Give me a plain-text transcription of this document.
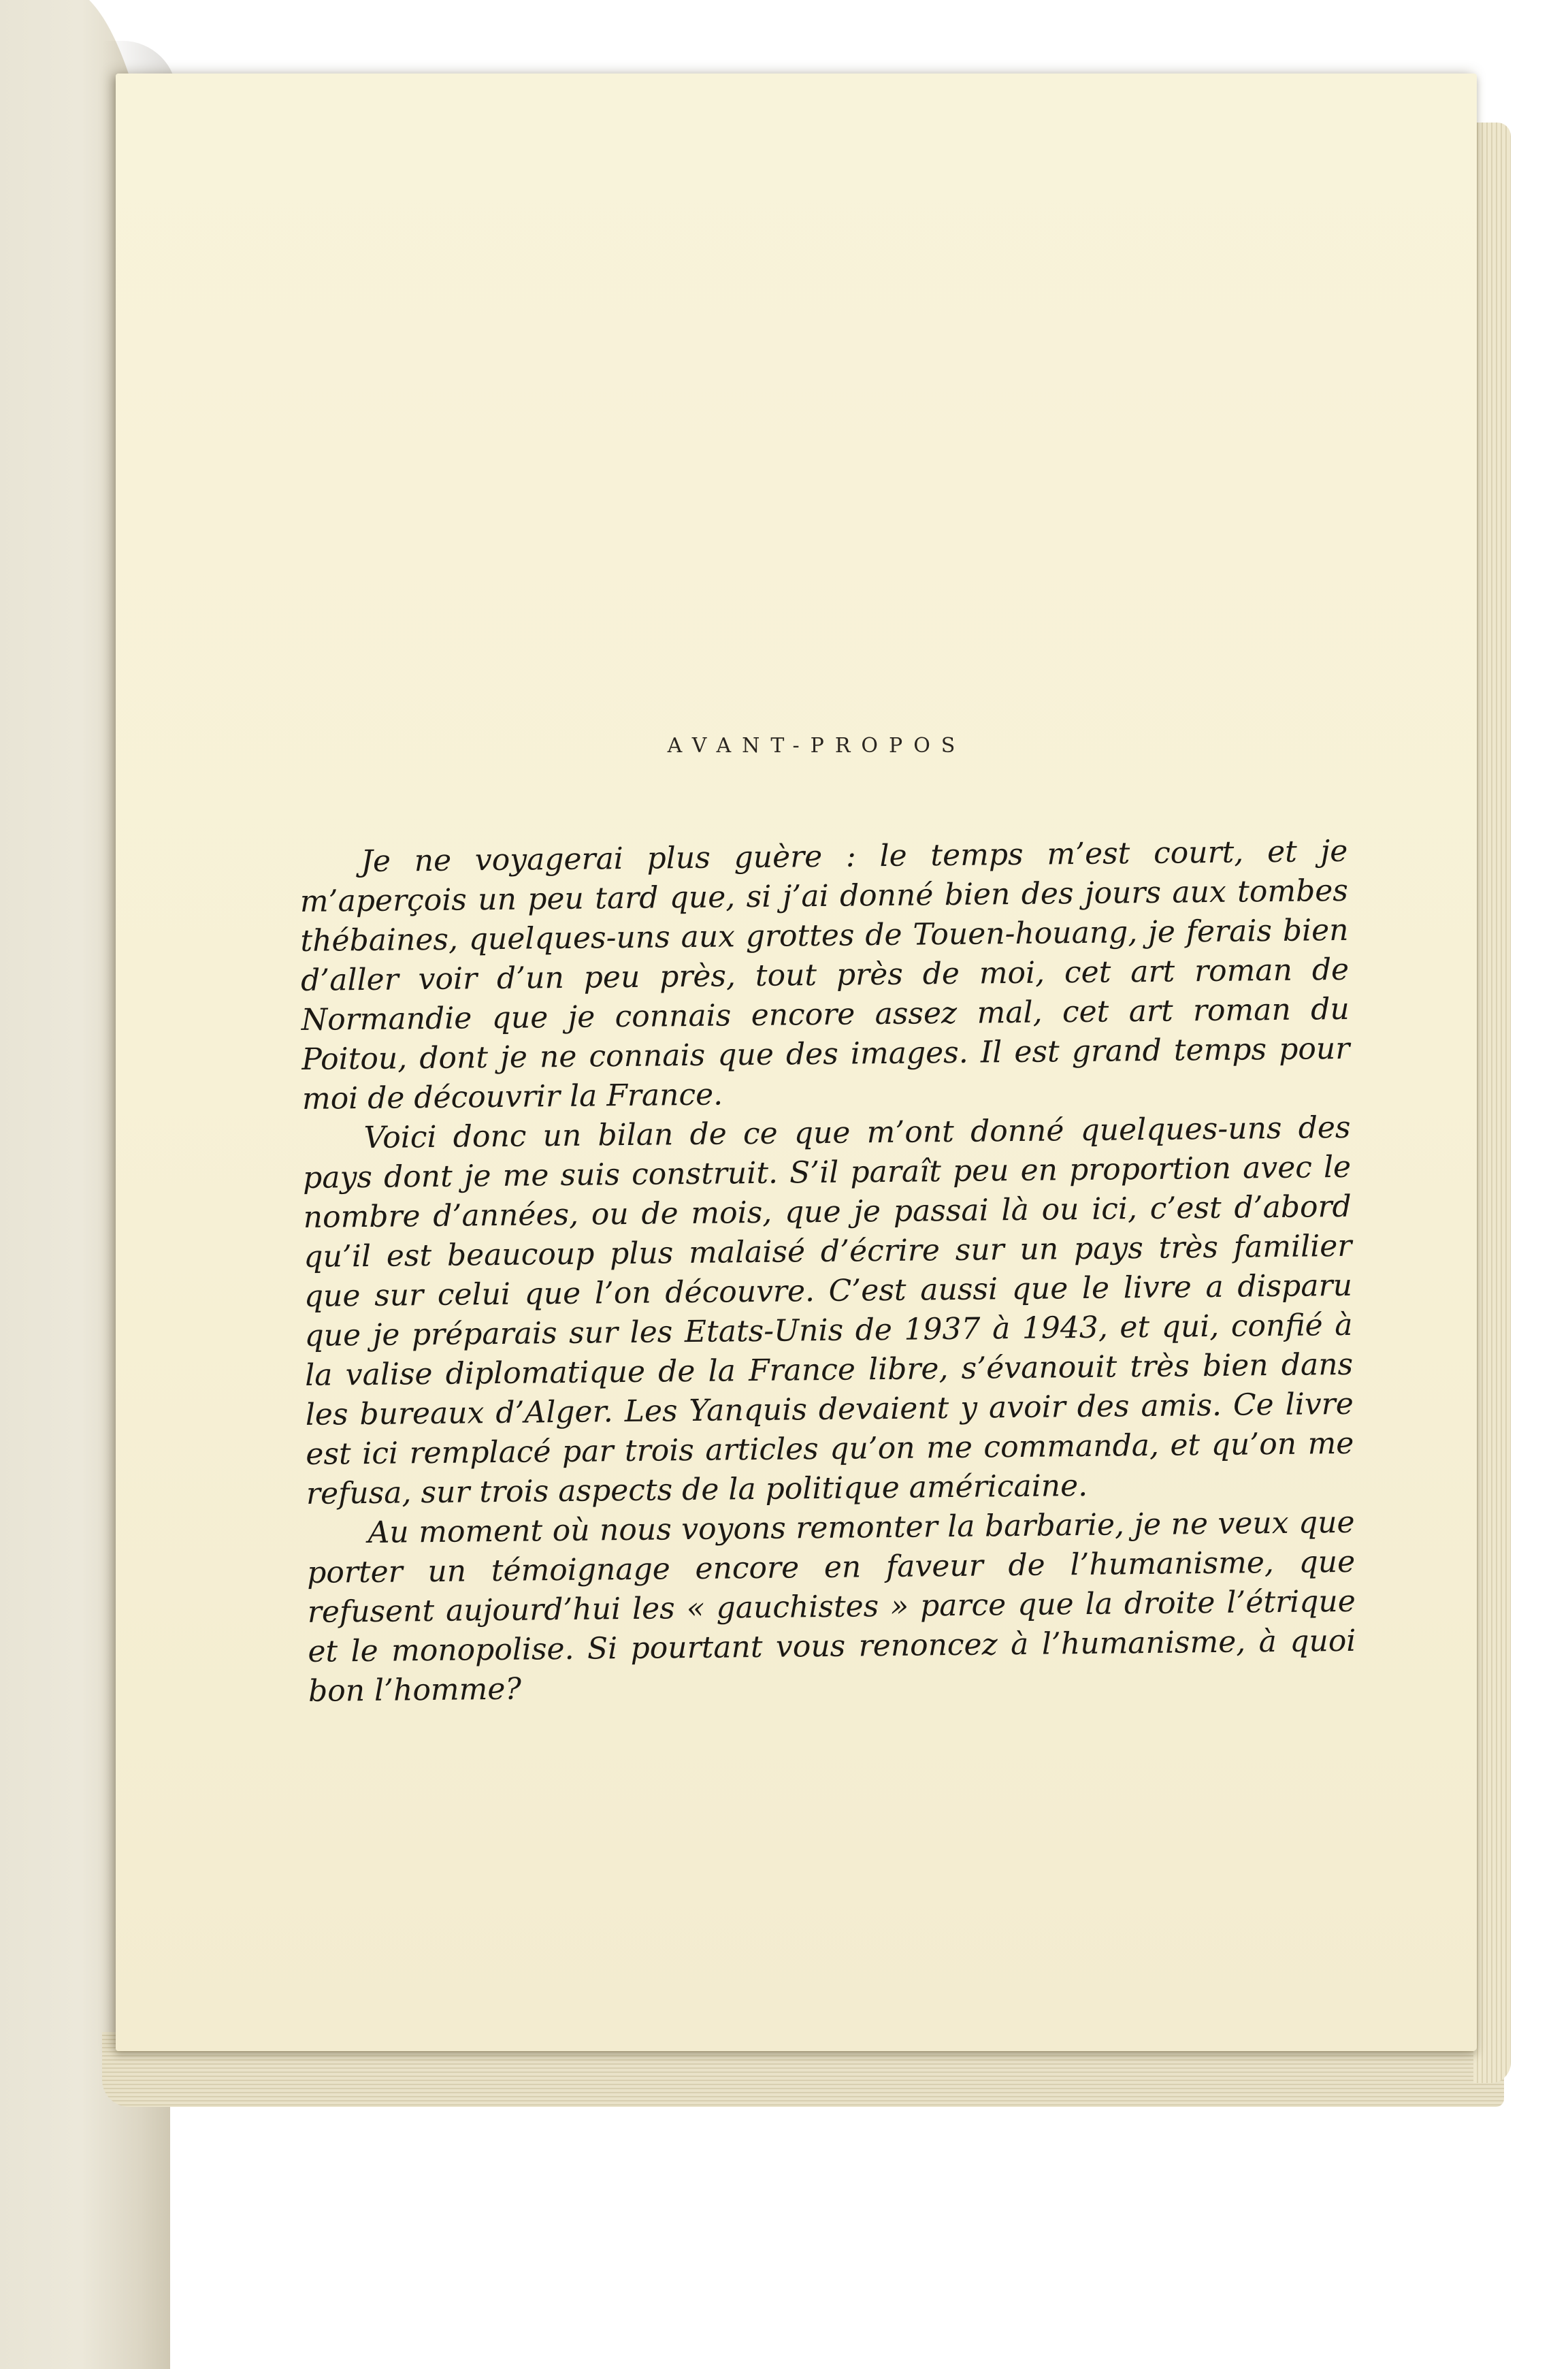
AVANT-PROPOS

Je ne voyagerai plus guère : le temps m’est court, et je m’aperçois un peu tard que, si j’ai donné bien des jours aux tombes thébaines, quelques-uns aux grottes de Touen-houang, je ferais bien d’aller voir d’un peu près, tout près de moi, cet art roman de Normandie que je connais encore assez mal, cet art roman du Poitou, dont je ne connais que des images. Il est grand temps pour moi de découvrir la France.

Voici donc un bilan de ce que m’ont donné quelques-uns des pays dont je me suis construit. S’il paraît peu en proportion avec le nombre d’années, ou de mois, que je passai là ou ici, c’est d’abord qu’il est beaucoup plus malaisé d’écrire sur un pays très familier que sur celui que l’on découvre. C’est aussi que le livre a disparu que je préparais sur les Etats-Unis de 1937 à 1943, et qui, confié à la valise diplomatique de la France libre, s’évanouit très bien dans les bureaux d’Alger. Les Yanquis devaient y avoir des amis. Ce livre est ici remplacé par trois articles qu’on me commanda, et qu’on me refusa, sur trois aspects de la politique américaine.

Au moment où nous voyons remonter la barbarie, je ne veux que porter un témoignage encore en faveur de l’humanisme, que refusent aujourd’hui les « gauchistes » parce que la droite l’étrique et le monopolise. Si pourtant vous renoncez à l’humanisme, à quoi bon l’homme?
